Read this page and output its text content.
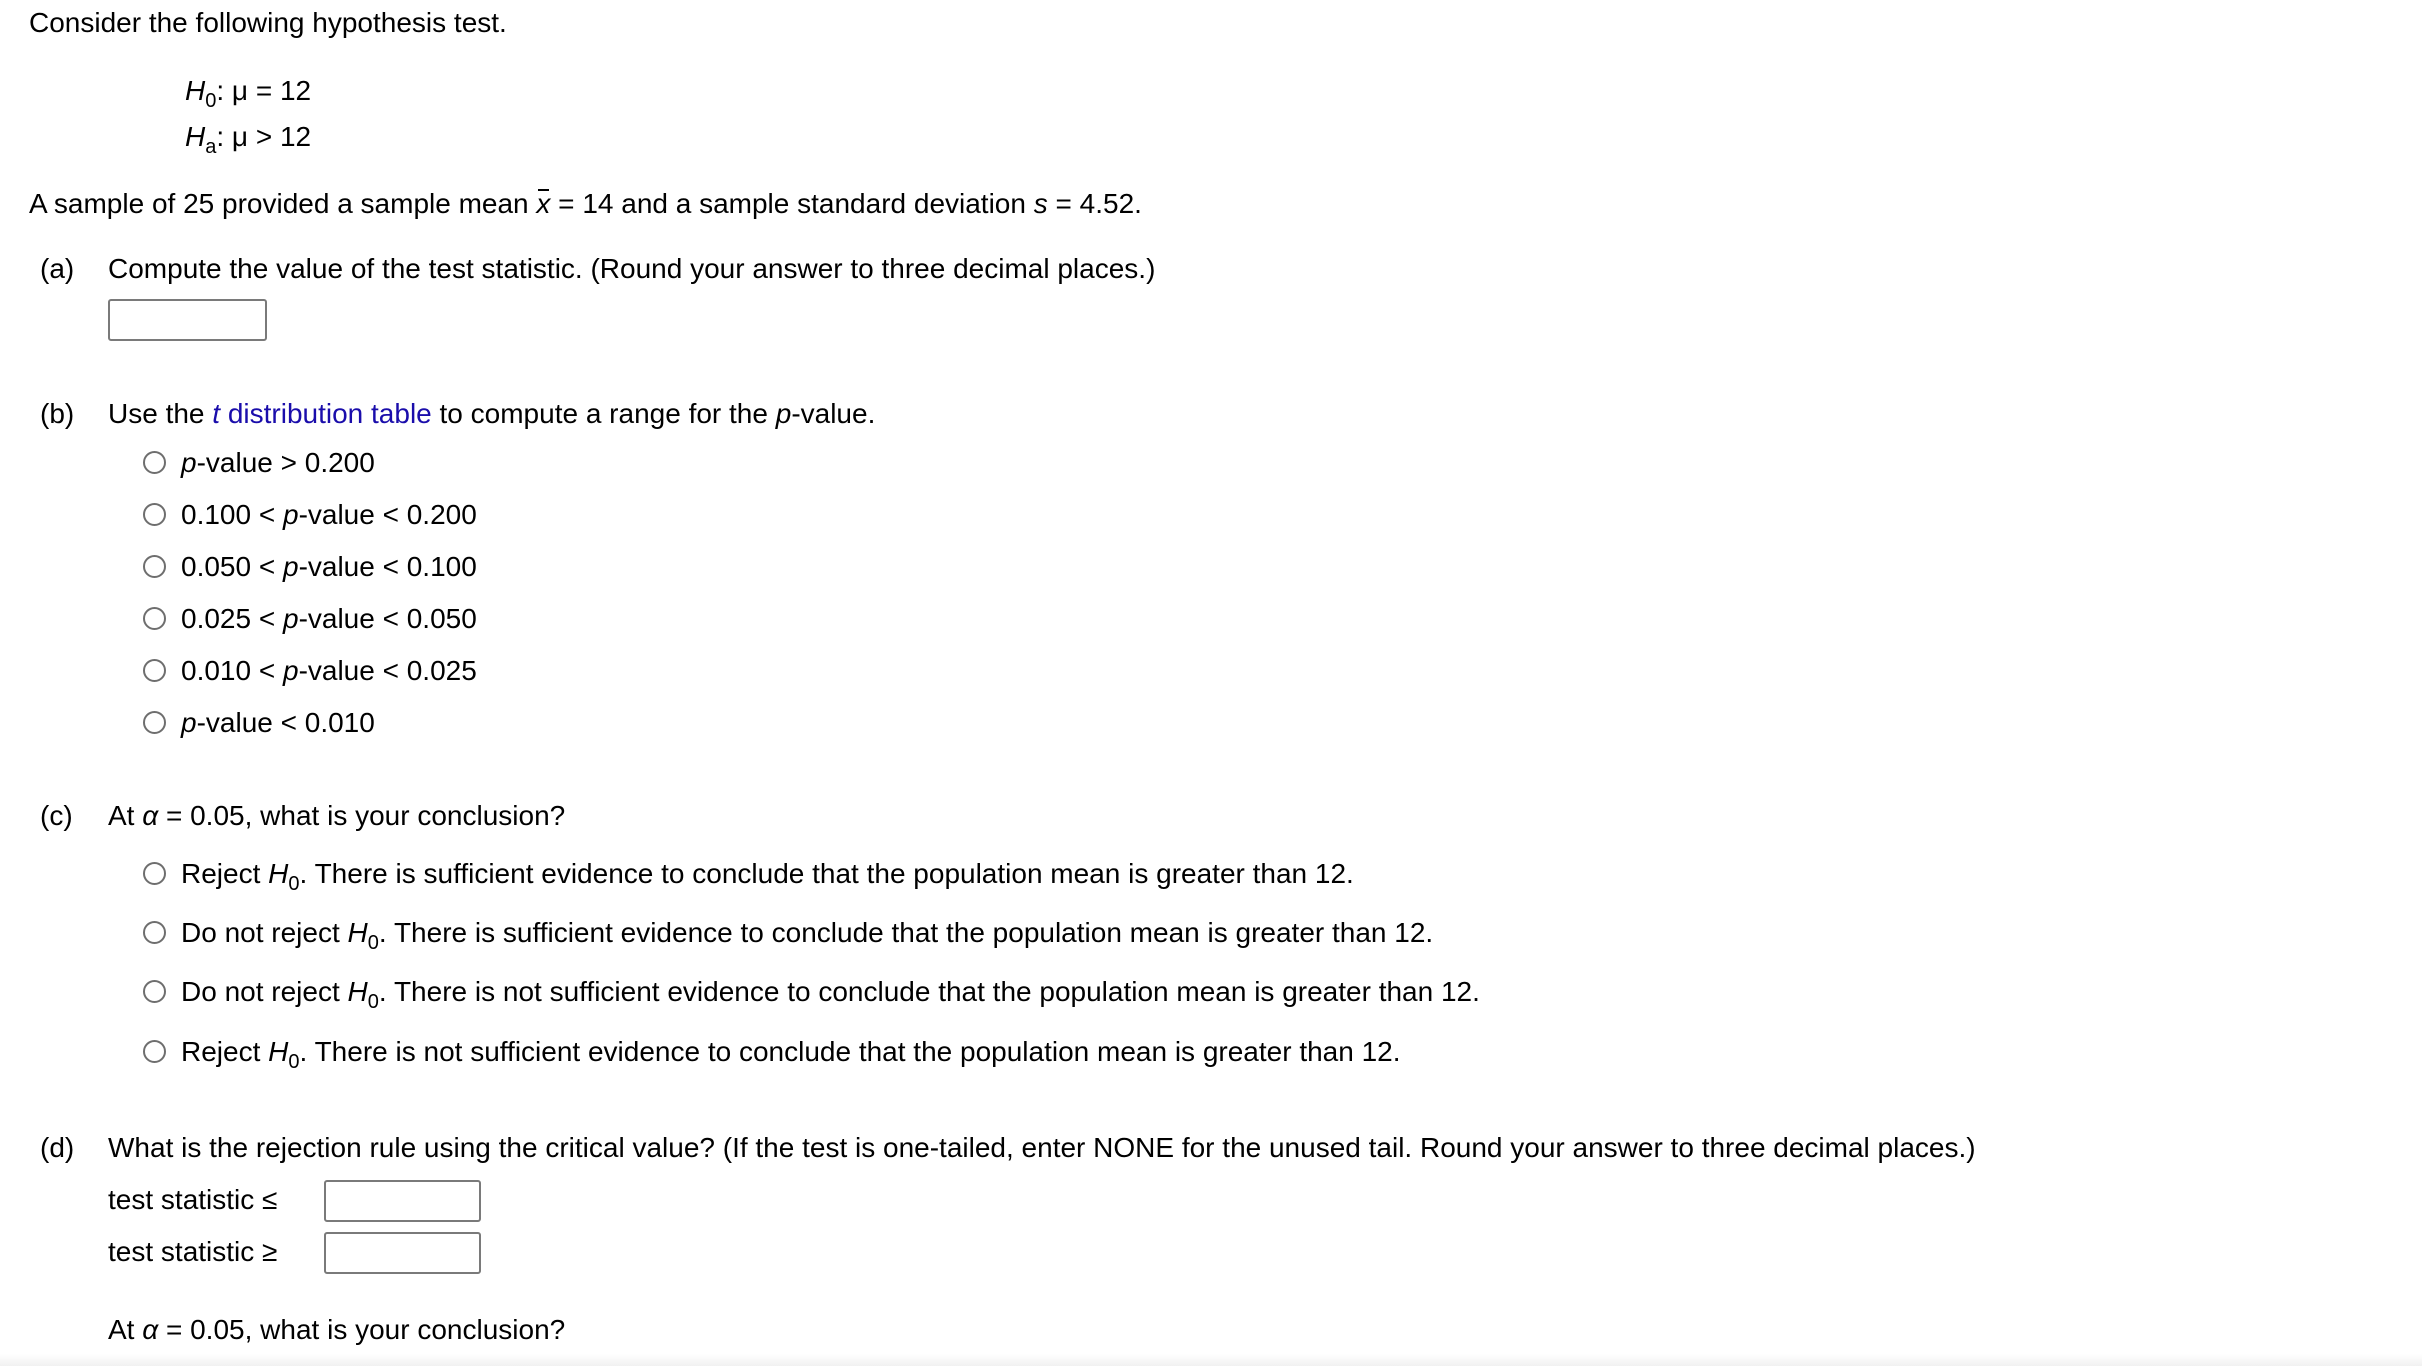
Consider the following hypothesis test.
$H_0$: μ = 12
$H_a$: μ > 12
A sample of 25 provided a sample mean x = 14 and a sample standard deviation s = 4.52.
(a) Compute the value of the test statistic. (Round your answer to three decimal places.)
(b) Use the t distribution table to compute a range for the p-value.
p-value > 0.200
0.100 < p-value < 0.200
0.050 < p-value < 0.100
0.025 < p-value < 0.050
0.010 < p-value < 0.025
p-value < 0.010
(c) At α = 0.05, what is your conclusion?
Reject $H_0$. There is sufficient evidence to conclude that the population mean is greater than 12.
Do not reject $H_0$. There is sufficient evidence to conclude that the population mean is greater than 12.
Do not reject $H_0$. There is not sufficient evidence to conclude that the population mean is greater than 12.
Reject $H_0$. There is not sufficient evidence to conclude that the population mean is greater than 12.
(d) What is the rejection rule using the critical value? (If the test is one-tailed, enter NONE for the unused tail. Round your answer to three decimal places.)
test statistic ≤
test statistic ≥
At α = 0.05, what is your conclusion?
